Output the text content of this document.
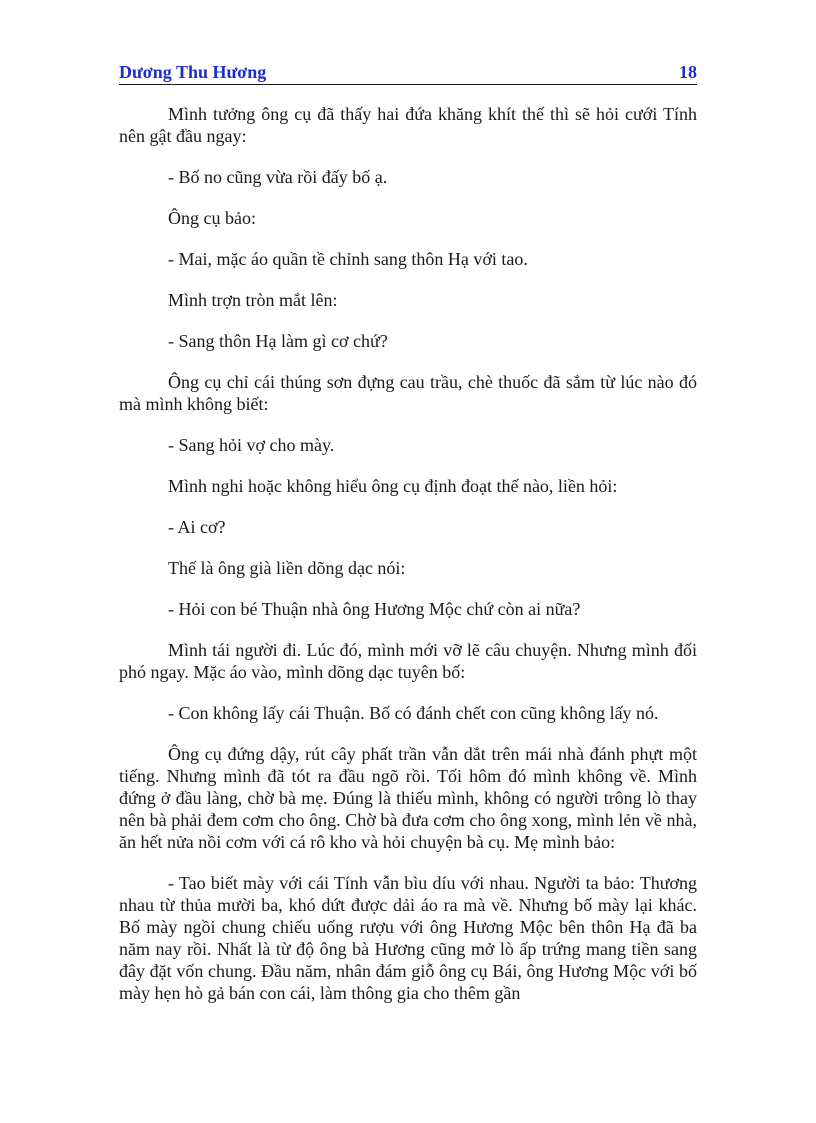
Dương Thu Hương	18

Mình tưởng ông cụ đã thấy hai đứa khăng khít thế thì sẽ hỏi cưới Tính nên gật đầu ngay:

- Bố no cũng vừa rồi đấy bố ạ.

Ông cụ bảo:

- Mai, mặc áo quần tề chỉnh sang thôn Hạ với tao.

Mình trợn tròn mắt lên:

- Sang thôn Hạ làm gì cơ chứ?

Ông cụ chỉ cái thúng sơn đựng cau trầu, chè thuốc đã sắm từ lúc nào đó mà mình không biết:

- Sang hỏi vợ cho mày.

Mình nghi hoặc không hiểu ông cụ định đoạt thế nào, liền hỏi:

- Ai cơ?

Thế là ông già liền dõng dạc nói:

- Hỏi con bé Thuận nhà ông Hương Mộc chứ còn ai nữa?

Mình tái người đi. Lúc đó, mình mới vỡ lẽ câu chuyện. Nhưng mình đối phó ngay. Mặc áo vào, mình dõng dạc tuyên bố:

- Con không lấy cái Thuận. Bố có đánh chết con cũng không lấy nó.

Ông cụ đứng dậy, rút cây phất trần vẫn dắt trên mái nhà đánh phựt một tiếng. Nhưng mình đã tót ra đầu ngõ rồi. Tối hôm đó mình không về. Mình đứng ở đầu làng, chờ bà mẹ. Đúng là thiếu mình, không có người trông lò thay nên bà phải đem cơm cho ông. Chờ bà đưa cơm cho ông xong, mình lẻn về nhà, ăn hết nửa nồi cơm với cá rô kho và hỏi chuyện bà cụ. Mẹ mình bảo:

- Tao biết mày với cái Tính vẫn bìu díu với nhau. Người ta bảo: Thương nhau từ thủa mười ba, khó dứt được dải áo ra mà về. Nhưng bố mày lại khác. Bố mày ngồi chung chiếu uống rượu với ông Hương Mộc bên thôn Hạ đã ba năm nay rồi. Nhất là từ độ ông bà Hương cũng mở lò ấp trứng mang tiền sang đây đặt vốn chung. Đầu năm, nhân đám giỗ ông cụ Bái, ông Hương Mộc với bố mày hẹn hò gả bán con cái, làm thông gia cho thêm gần
